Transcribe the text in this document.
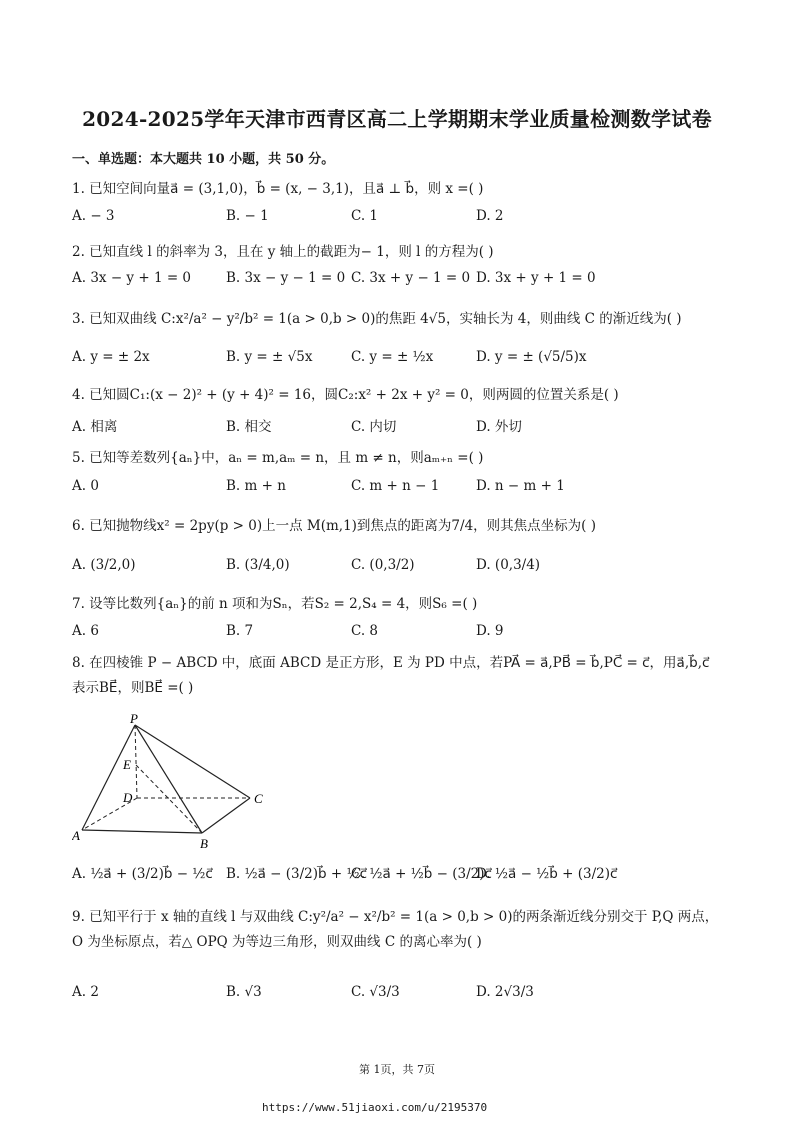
2024-2025学年天津市西青区高二上学期期末学业质量检测数学试卷
一、单选题：本大题共 10 小题，共 50 分。
1. 已知空间向量a⃗ = (3,1,0)，b⃗ = (x, − 3,1)，且a⃗ ⊥ b⃗，则 x =( )
A. − 3	B. − 1	C. 1	D. 2
2. 已知直线 l 的斜率为 3，且在 y 轴上的截距为− 1，则 l 的方程为( )
A. 3x − y + 1 = 0	B. 3x − y − 1 = 0 C. 3x + y − 1 = 0 D. 3x + y + 1 = 0
3. 已知双曲线 C:x²/a² − y²/b² = 1(a > 0,b > 0)的焦距 4√5，实轴长为 4，则曲线 C 的渐近线为( )
A. y = ± 2x	B. y = ± √5x	C. y = ± ½x	D. y = ± (√5/5)x
4. 已知圆C₁:(x − 2)² + (y + 4)² = 16，圆C₂:x² + 2x + y² = 0，则两圆的位置关系是( )
A. 相离	B. 相交	C. 内切	D. 外切
5. 已知等差数列{aₙ}中，aₙ = m,aₘ = n，且 m ≠ n，则aₘ₊ₙ =( )
A. 0	B. m + n	C. m + n − 1	D. n − m + 1
6. 已知抛物线x² = 2py(p > 0)上一点 M(m,1)到焦点的距离为7/4，则其焦点坐标为( )
A. (3/2,0)	B. (3/4,0)	C. (0,3/2)	D. (0,3/4)
7. 设等比数列{aₙ}的前 n 项和为Sₙ，若S₂ = 2,S₄ = 4，则S₆ =( )
A. 6	B. 7	C. 8	D. 9
8. 在四棱锥 P − ABCD 中，底面 ABCD 是正方形，E 为 PD 中点，若PA⃗ = a⃗,PB⃗ = b⃗,PC⃗ = c⃗，用a⃗,b⃗,c⃗表示BE⃗，则BE⃗ =( )
P
E
D	C
A
B
A. ½a⃗ + (3/2)b⃗ − ½c⃗ B. ½a⃗ − (3/2)b⃗ + ½c⃗
C. ½a⃗ + ½b⃗ − (3/2)c⃗
D. ½a⃗ − ½b⃗ + (3/2)c⃗
9. 已知平行于 x 轴的直线 l 与双曲线 C:y²/a² − x²/b² = 1(a > 0,b > 0)的两条渐近线分别交于 P,Q 两点，O 为坐标原点，若△ OPQ 为等边三角形，则双曲线 C 的离心率为( )
A. 2	B. √3	C. √3/3	D. 2√3/3
第 1页，共 7页
https://www.51jiaoxi.com/u/2195370
